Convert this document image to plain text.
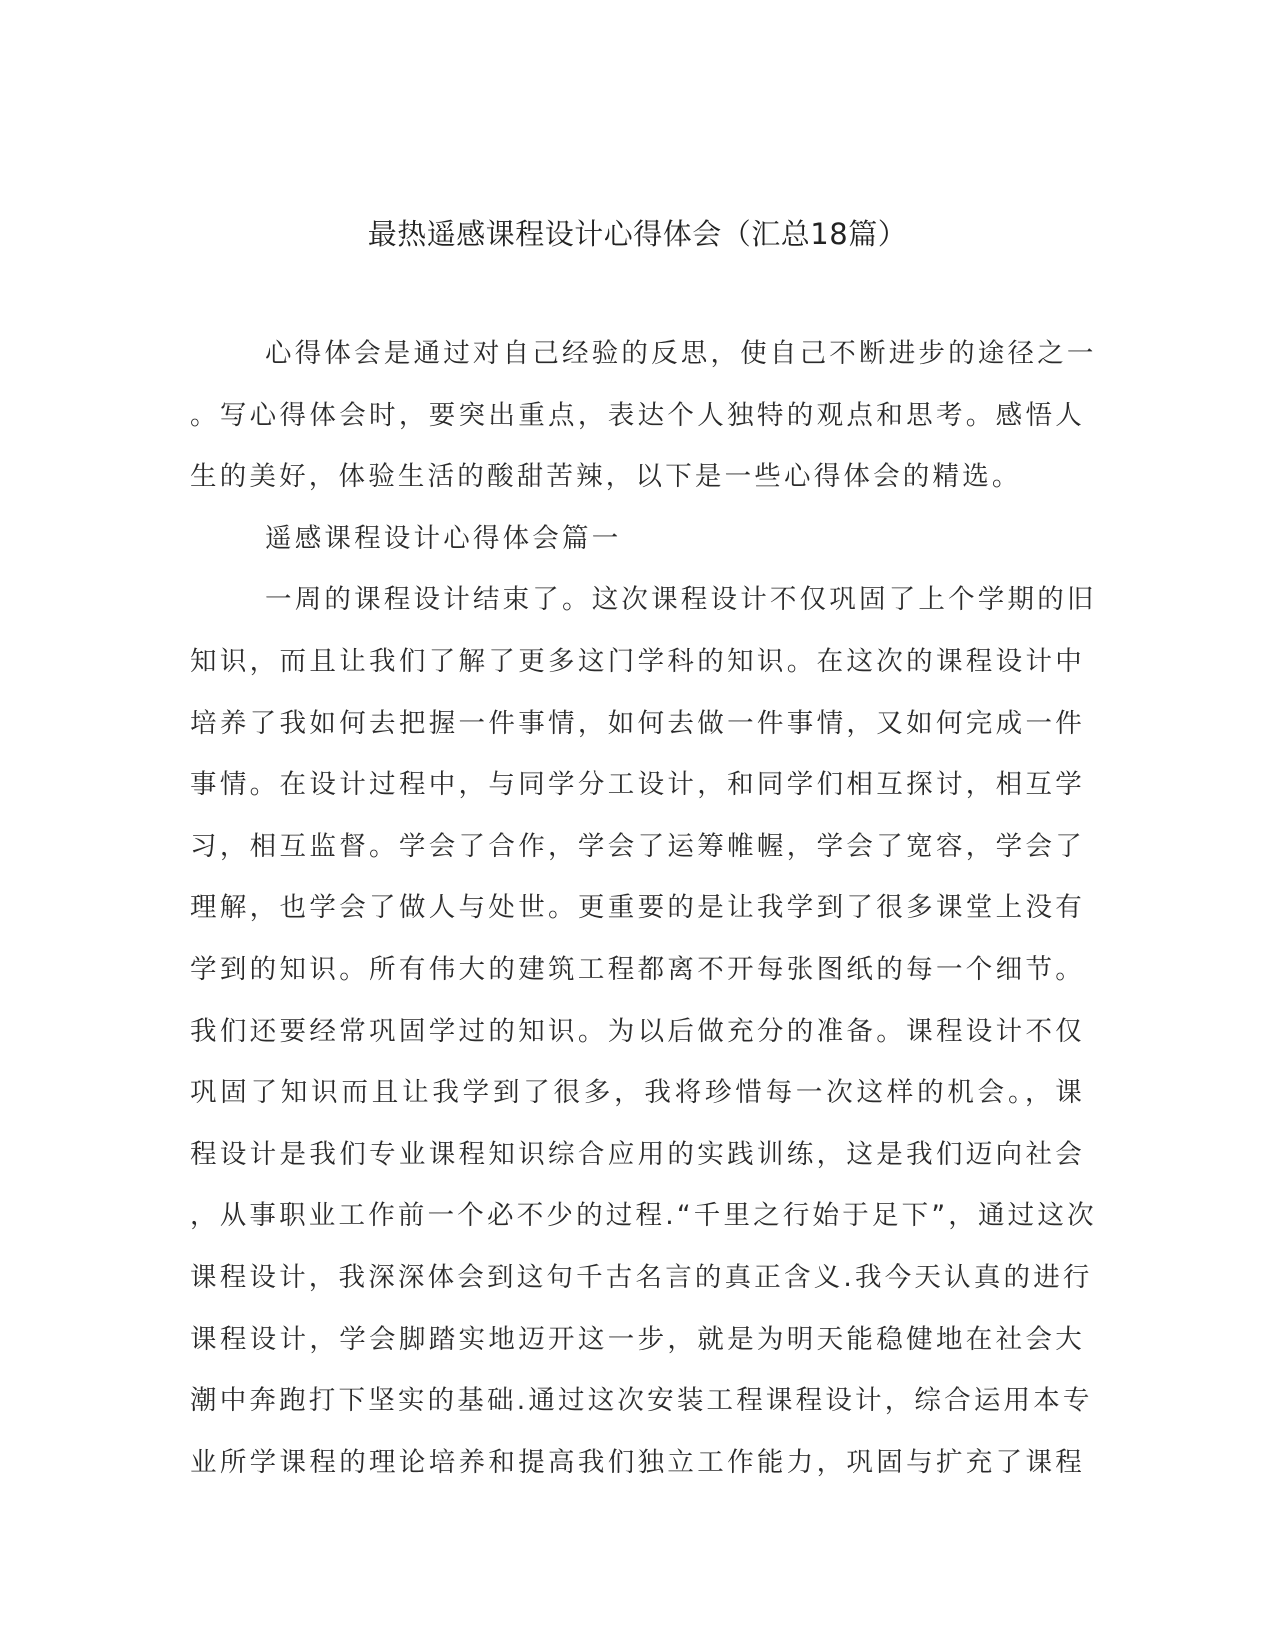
最热遥感课程设计心得体会（汇总18篇）
心得体会是通过对自己经验的反思，使自己不断进步的途径之一
。写心得体会时，要突出重点，表达个人独特的观点和思考。感悟人
生的美好，体验生活的酸甜苦辣，以下是一些心得体会的精选。
遥感课程设计心得体会篇一
一周的课程设计结束了。这次课程设计不仅巩固了上个学期的旧
知识，而且让我们了解了更多这门学科的知识。在这次的课程设计中
培养了我如何去把握一件事情，如何去做一件事情，又如何完成一件
事情。在设计过程中，与同学分工设计，和同学们相互探讨，相互学
习，相互监督。学会了合作，学会了运筹帷幄，学会了宽容，学会了
理解，也学会了做人与处世。更重要的是让我学到了很多课堂上没有
学到的知识。所有伟大的建筑工程都离不开每张图纸的每一个细节。
我们还要经常巩固学过的知识。为以后做充分的准备。课程设计不仅
巩固了知识而且让我学到了很多，我将珍惜每一次这样的机会。，课
程设计是我们专业课程知识综合应用的实践训练，这是我们迈向社会
，从事职业工作前一个必不少的过程.“千里之行始于足下”，通过这次
课程设计，我深深体会到这句千古名言的真正含义.我今天认真的进行
课程设计，学会脚踏实地迈开这一步，就是为明天能稳健地在社会大
潮中奔跑打下坚实的基础.通过这次安装工程课程设计，综合运用本专
业所学课程的理论培养和提高我们独立工作能力，巩固与扩充了课程
